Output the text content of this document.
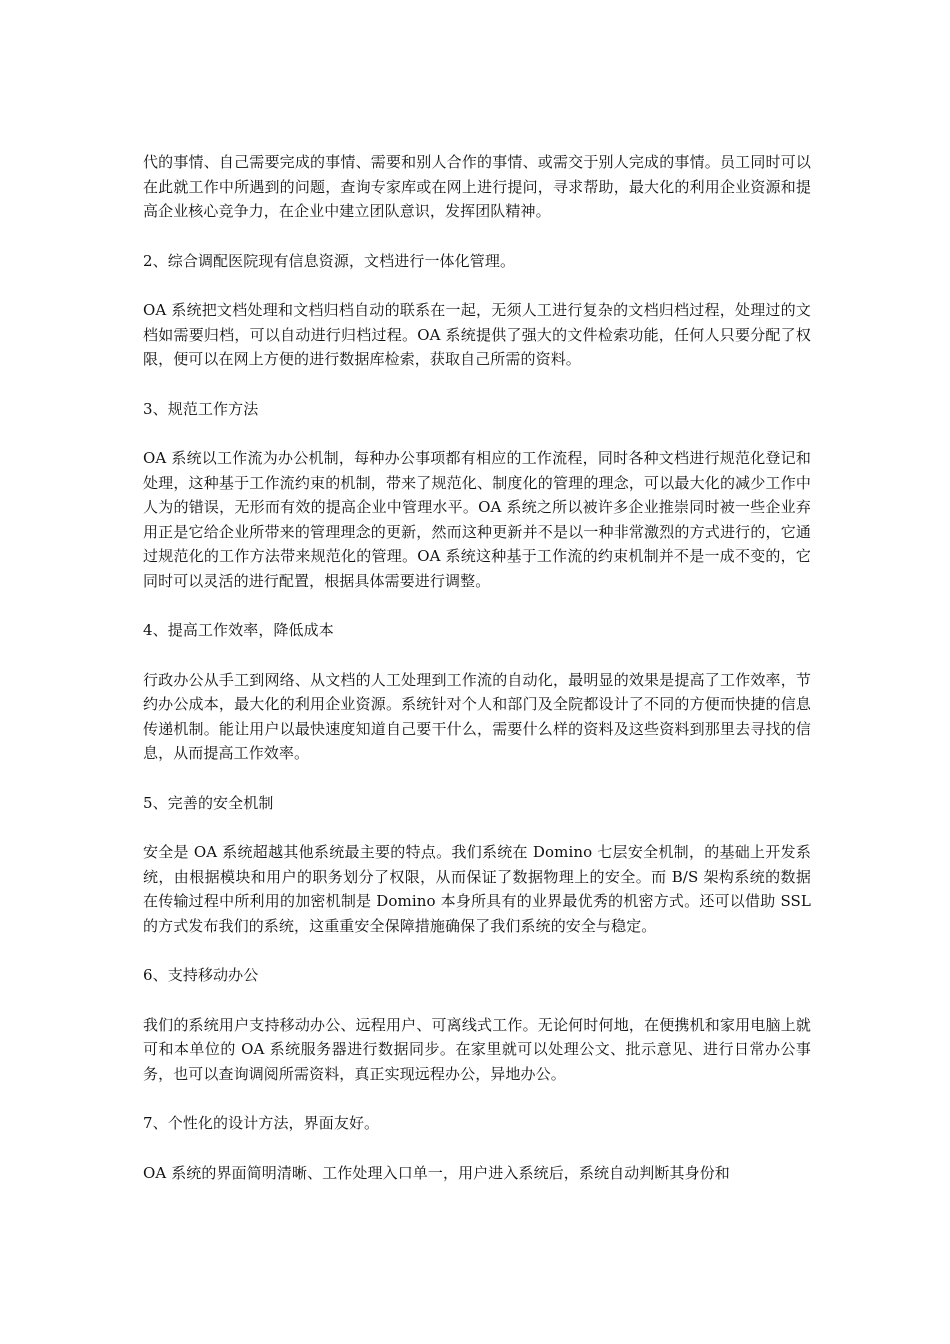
代的事情、自己需要完成的事情、需要和别人合作的事情、或需交于别人完成的事情。员工同时可以在此就工作中所遇到的问题，查询专家库或在网上进行提问，寻求帮助，最大化的利用企业资源和提高企业核心竞争力，在企业中建立团队意识，发挥团队精神。

2、综合调配医院现有信息资源，文档进行一体化管理。

OA 系统把文档处理和文档归档自动的联系在一起，无须人工进行复杂的文档归档过程，处理过的文档如需要归档，可以自动进行归档过程。OA 系统提供了强大的文件检索功能，任何人只要分配了权限，便可以在网上方便的进行数据库检索，获取自己所需的资料。

3、规范工作方法

OA 系统以工作流为办公机制，每种办公事项都有相应的工作流程，同时各种文档进行规范化登记和处理，这种基于工作流约束的机制，带来了规范化、制度化的管理的理念，可以最大化的减少工作中人为的错误，无形而有效的提高企业中管理水平。OA 系统之所以被许多企业推崇同时被一些企业弃用正是它给企业所带来的管理理念的更新，然而这种更新并不是以一种非常激烈的方式进行的，它通过规范化的工作方法带来规范化的管理。OA 系统这种基于工作流的约束机制并不是一成不变的，它同时可以灵活的进行配置，根据具体需要进行调整。

4、提高工作效率，降低成本

行政办公从手工到网络、从文档的人工处理到工作流的自动化，最明显的效果是提高了工作效率，节约办公成本，最大化的利用企业资源。系统针对个人和部门及全院都设计了不同的方便而快捷的信息传递机制。能让用户以最快速度知道自己要干什么，需要什么样的资料及这些资料到那里去寻找的信息，从而提高工作效率。

5、完善的安全机制

安全是 OA 系统超越其他系统最主要的特点。我们系统在 Domino 七层安全机制，的基础上开发系统，由根据模块和用户的职务划分了权限，从而保证了数据物理上的安全。而 B/S 架构系统的数据在传输过程中所利用的加密机制是 Domino 本身所具有的业界最优秀的机密方式。还可以借助 SSL 的方式发布我们的系统，这重重安全保障措施确保了我们系统的安全与稳定。

6、支持移动办公

我们的系统用户支持移动办公、远程用户、可离线式工作。无论何时何地，在便携机和家用电脑上就可和本单位的 OA 系统服务器进行数据同步。在家里就可以处理公文、批示意见、进行日常办公事务，也可以查询调阅所需资料，真正实现远程办公，异地办公。

7、个性化的设计方法，界面友好。

OA 系统的界面简明清晰、工作处理入口单一，用户进入系统后，系统自动判断其身份和
